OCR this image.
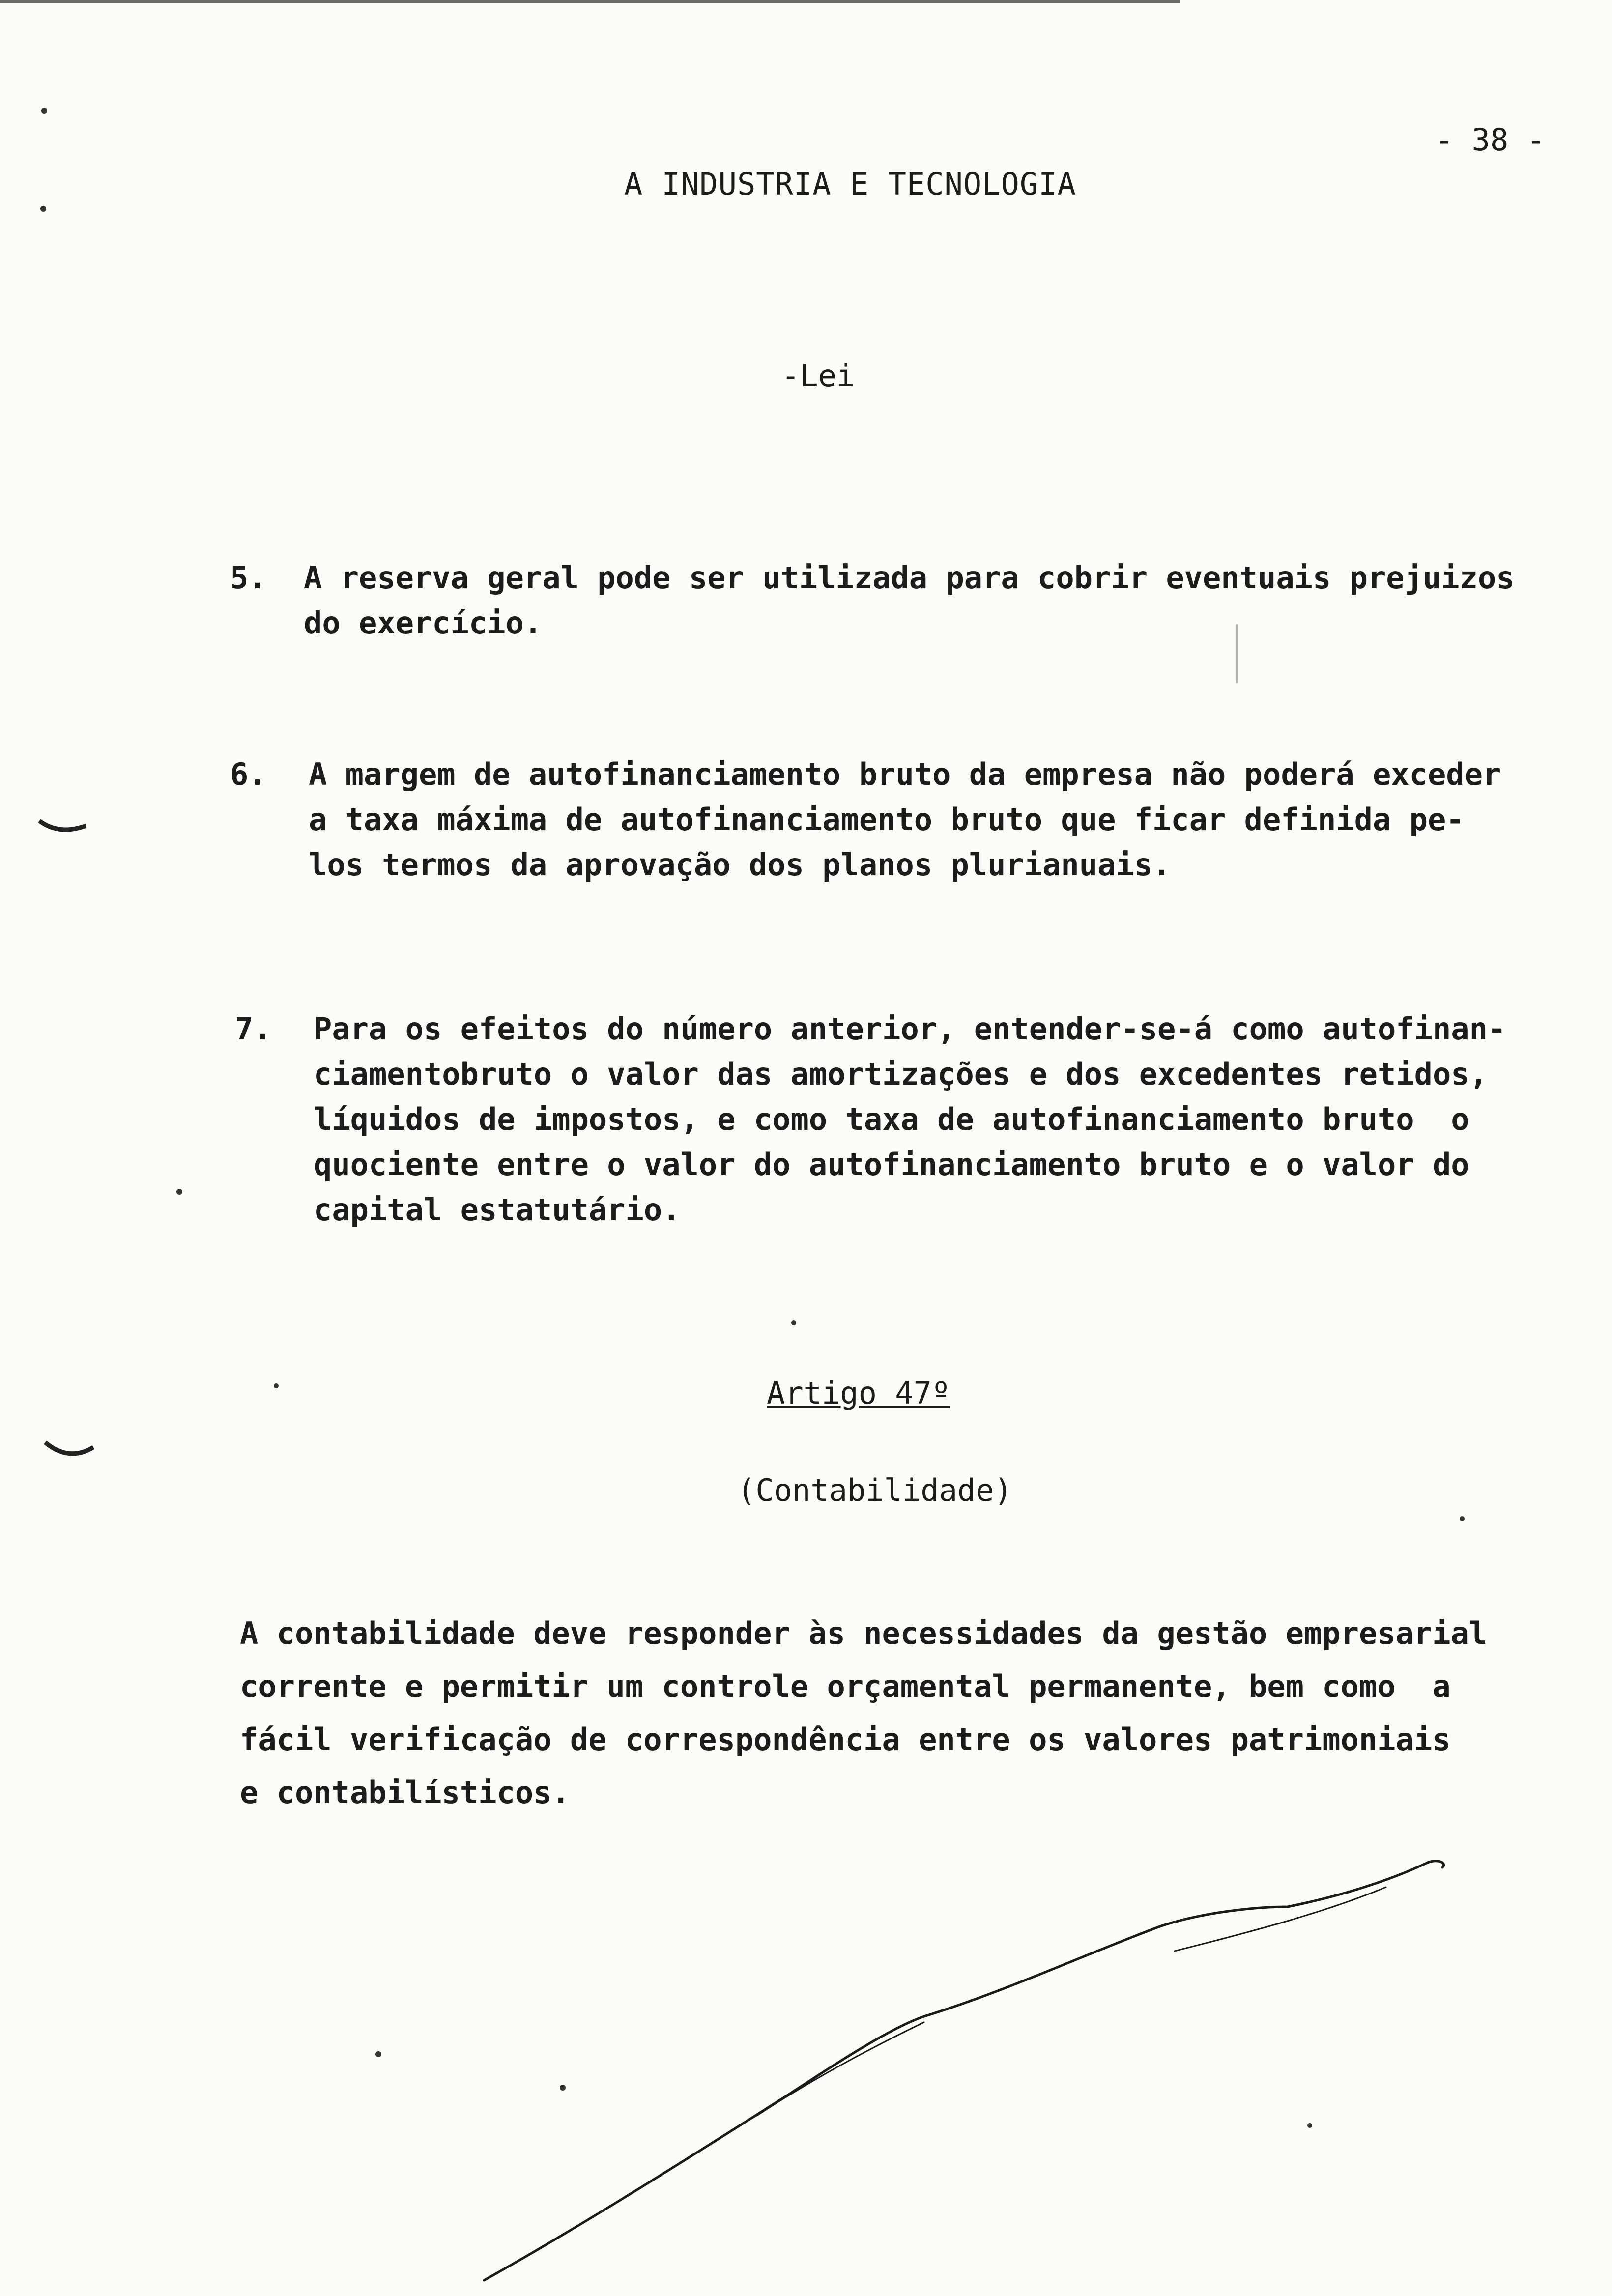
A INDUSTRIA E TECNOLOGIA
- 38 -
-Lei
5. A reserva geral pode ser utilizada para cobrir eventuais prejuizos
do exercício.
6. A margem de autofinanciamento bruto da empresa não poderá exceder
a taxa máxima de autofinanciamento bruto que ficar definida pe-
los termos da aprovação dos planos plurianuais.
7. Para os efeitos do número anterior, entender-se-á como autofinan-
ciamentobruto o valor das amortizações e dos excedentes retidos,
líquidos de impostos, e como taxa de autofinanciamento bruto  o
quociente entre o valor do autofinanciamento bruto e o valor do
capital estatutário.
Artigo 47º
(Contabilidade)
A contabilidade deve responder às necessidades da gestão empresarial
corrente e permitir um controle orçamental permanente, bem como  a
fácil verificação de correspondência entre os valores patrimoniais
e contabilísticos.
